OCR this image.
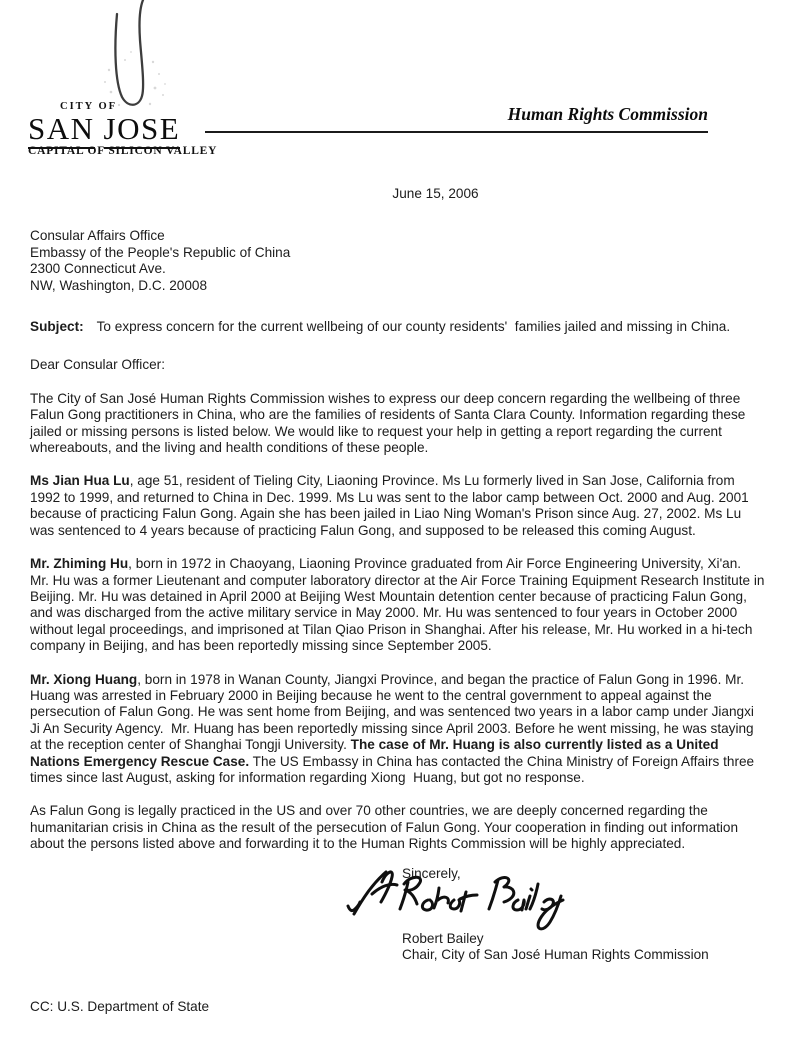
CITY OF
SAN JOSE
CAPITAL OF SILICON VALLEY
Human Rights Commission
June 15, 2006
Consular Affairs Office
Embassy of the People's Republic of China
2300 Connecticut Ave.
NW, Washington, D.C. 20008
Subject: To express concern for the current wellbeing of our county residents'  families jailed and missing in China.
Dear Consular Officer:

The City of San José Human Rights Commission wishes to express our deep concern regarding the wellbeing of three Falun Gong practitioners in China, who are the families of residents of Santa Clara County. Information regarding these jailed or missing persons is listed below. We would like to request your help in getting a report regarding the current whereabouts, and the living and health conditions of these people.

Ms Jian Hua Lu, age 51, resident of Tieling City, Liaoning Province. Ms Lu formerly lived in San Jose, California from 1992 to 1999, and returned to China in Dec. 1999. Ms Lu was sent to the labor camp between Oct. 2000 and Aug. 2001 because of practicing Falun Gong. Again she has been jailed in Liao Ning Woman's Prison since Aug. 27, 2002. Ms Lu was sentenced to 4 years because of practicing Falun Gong, and supposed to be released this coming August.

Mr. Zhiming Hu, born in 1972 in Chaoyang, Liaoning Province graduated from Air Force Engineering University, Xi'an.  Mr. Hu was a former Lieutenant and computer laboratory director at the Air Force Training Equipment Research Institute in Beijing. Mr. Hu was detained in April 2000 at Beijing West Mountain detention center because of practicing Falun Gong, and was discharged from the active military service in May 2000. Mr. Hu was sentenced to four years in October 2000 without legal proceedings, and imprisoned at Tilan Qiao Prison in Shanghai. After his release, Mr. Hu worked in a hi-tech company in Beijing, and has been reportedly missing since September 2005.

Mr. Xiong Huang, born in 1978 in Wanan County, Jiangxi Province, and began the practice of Falun Gong in 1996. Mr. Huang was arrested in February 2000 in Beijing because he went to the central government to appeal against the persecution of Falun Gong. He was sent home from Beijing, and was sentenced two years in a labor camp under Jiangxi Ji An Security Agency.  Mr. Huang has been reportedly missing since April 2003. Before he went missing, he was staying at the reception center of Shanghai Tongji University. The case of Mr. Huang is also currently listed as a United Nations Emergency Rescue Case. The US Embassy in China has contacted the China Ministry of Foreign Affairs three times since last August, asking for information regarding Xiong  Huang, but got no response.

As Falun Gong is legally practiced in the US and over 70 other countries, we are deeply concerned regarding the humanitarian crisis in China as the result of the persecution of Falun Gong. Your cooperation in finding out information about the persons listed above and forwarding it to the Human Rights Commission will be highly appreciated.

Sincerely,
Robert Bailey
Chair, City of San José Human Rights Commission
CC: U.S. Department of State
